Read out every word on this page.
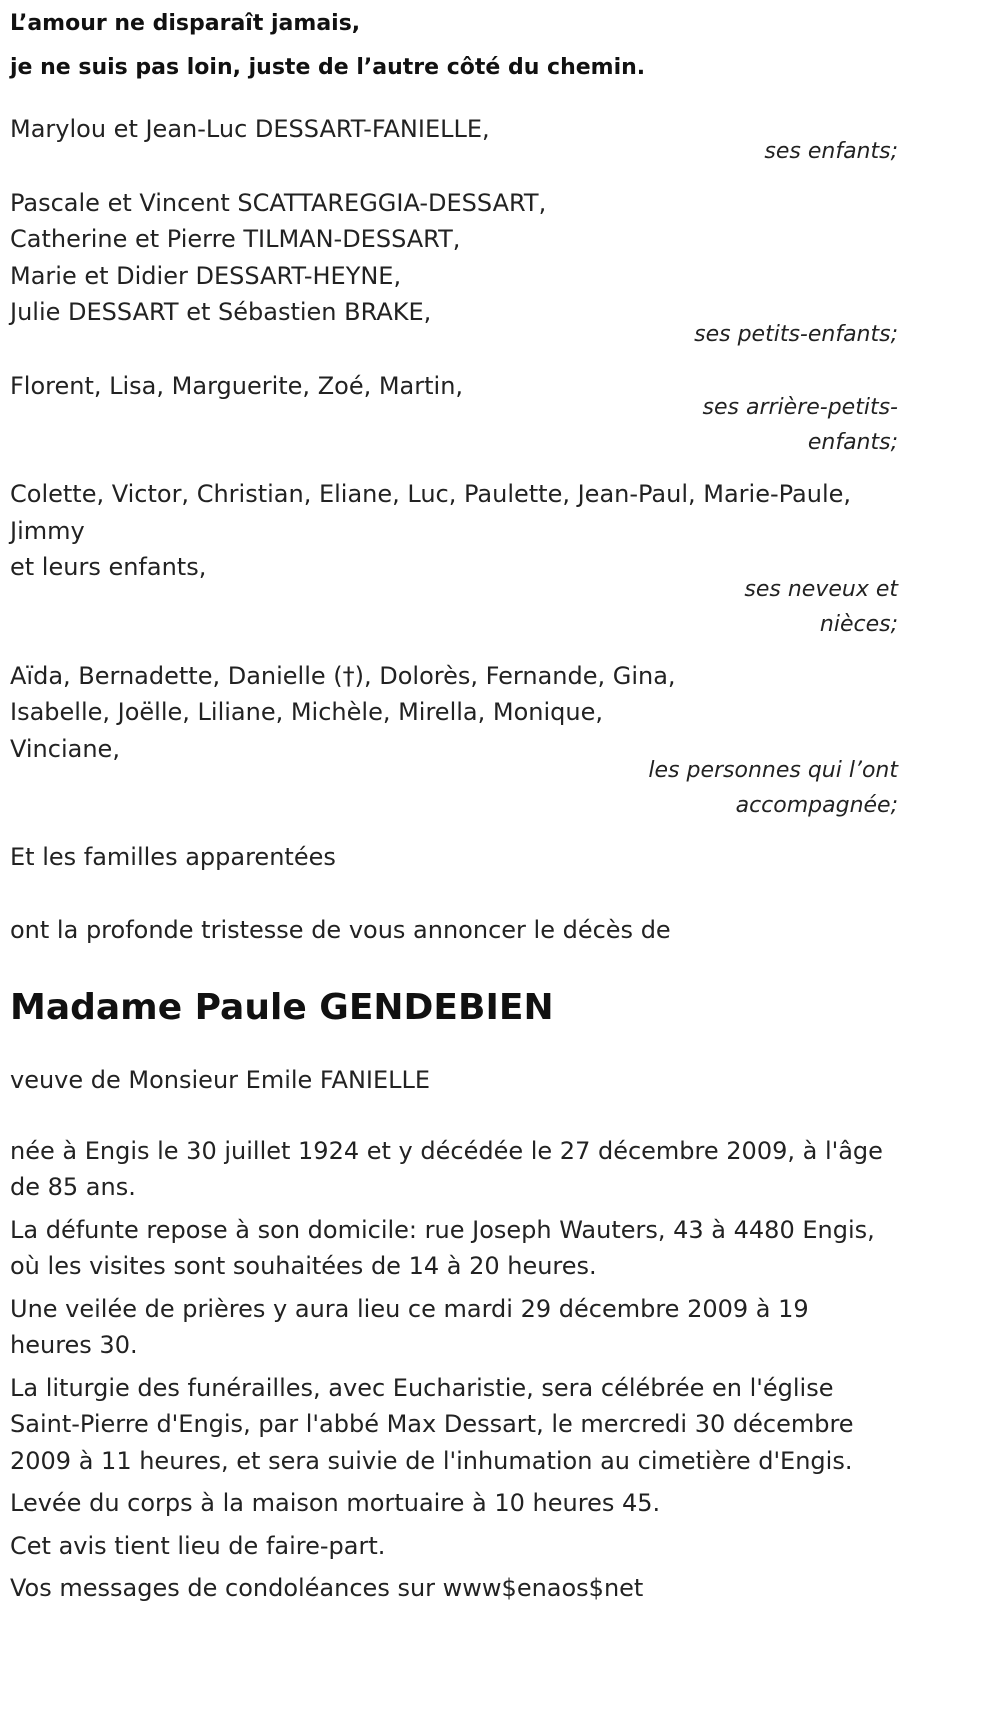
L’amour ne disparaît jamais,

je ne suis pas loin, juste de l’autre côté du chemin.

Marylou et Jean-Luc DESSART-FANIELLE,

ses enfants;

Pascale et Vincent SCATTAREGGIA-DESSART,

Catherine et Pierre TILMAN-DESSART,

Marie et Didier DESSART-HEYNE,

Julie DESSART et Sébastien BRAKE,

ses petits-enfants;

Florent, Lisa, Marguerite, Zoé, Martin,

ses arrière-petits-enfants;

Colette, Victor, Christian, Eliane, Luc, Paulette, Jean-Paul, Marie-Paule, Jimmy

et leurs enfants,

ses neveux et nièces;

Aïda, Bernadette, Danielle (†), Dolorès, Fernande, Gina,

Isabelle, Joëlle, Liliane, Michèle, Mirella, Monique,

Vinciane,

les personnes qui l’ont accompagnée;

Et les familles apparentées

ont la profonde tristesse de vous annoncer le décès de

Madame Paule GENDEBIEN

veuve de Monsieur Emile FANIELLE

née à Engis le 30 juillet 1924 et y décédée le 27 décembre 2009, à l'âge de 85 ans.

La défunte repose à son domicile: rue Joseph Wauters, 43 à 4480 Engis, où les visites sont souhaitées de 14 à 20 heures.

Une veilée de prières y aura lieu ce mardi 29 décembre 2009 à 19 heures 30.

La liturgie des funérailles, avec Eucharistie, sera célébrée en l'église Saint-Pierre d'Engis, par l'abbé Max Dessart, le mercredi 30 décembre 2009 à 11 heures, et sera suivie de l'inhumation au cimetière d'Engis.

Levée du corps à la maison mortuaire à 10 heures 45.

Cet avis tient lieu de faire-part.

Vos messages de condoléances sur www$enaos$net
